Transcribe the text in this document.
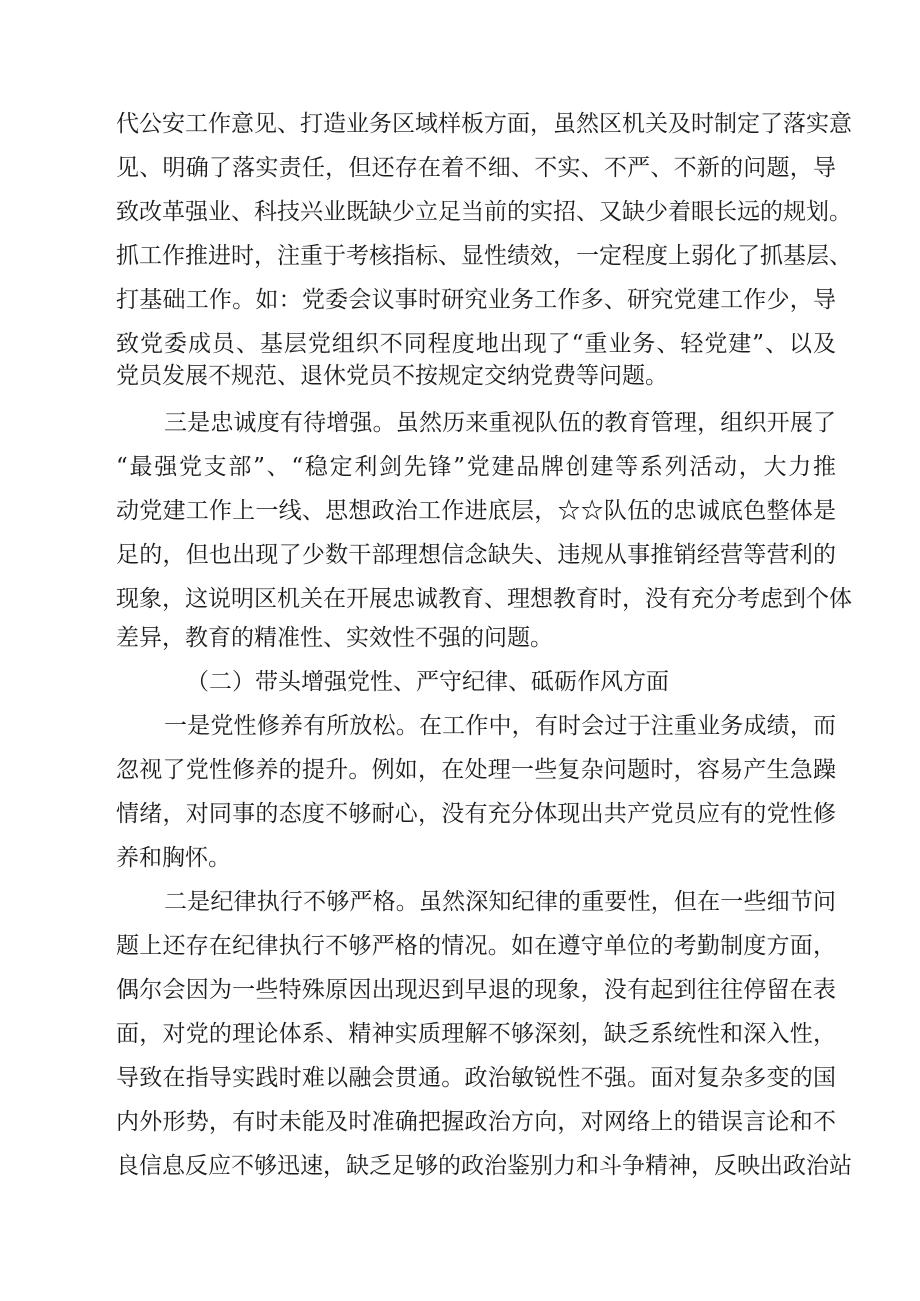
代公安工作意见、打造业务区域样板方面，虽然区机关及时制定了落实意
见、明确了落实责任，但还存在着不细、不实、不严、不新的问题，导
致改革强业、科技兴业既缺少立足当前的实招、又缺少着眼长远的规划。
抓工作推进时，注重于考核指标、显性绩效，一定程度上弱化了抓基层、
打基础工作。如：党委会议事时研究业务工作多、研究党建工作少，导
致党委成员、基层党组织不同程度地出现了“重业务、轻党建”、以及
党员发展不规范、退休党员不按规定交纳党费等问题。
三是忠诚度有待增强。虽然历来重视队伍的教育管理，组织开展了
“最强党支部”、“稳定利剑先锋”党建品牌创建等系列活动，大力推
动党建工作上一线、思想政治工作进底层，☆☆队伍的忠诚底色整体是
足的，但也出现了少数干部理想信念缺失、违规从事推销经营等营利的
现象，这说明区机关在开展忠诚教育、理想教育时，没有充分考虑到个体
差异，教育的精准性、实效性不强的问题。
（二）带头增强党性、严守纪律、砥砺作风方面
一是党性修养有所放松。在工作中，有时会过于注重业务成绩，而
忽视了党性修养的提升。例如，在处理一些复杂问题时，容易产生急躁
情绪，对同事的态度不够耐心，没有充分体现出共产党员应有的党性修
养和胸怀。
二是纪律执行不够严格。虽然深知纪律的重要性，但在一些细节问
题上还存在纪律执行不够严格的情况。如在遵守单位的考勤制度方面，
偶尔会因为一些特殊原因出现迟到早退的现象，没有起到往往停留在表
面，对党的理论体系、精神实质理解不够深刻，缺乏系统性和深入性，
导致在指导实践时难以融会贯通。政治敏锐性不强。面对复杂多变的国
内外形势，有时未能及时准确把握政治方向，对网络上的错误言论和不
良信息反应不够迅速，缺乏足够的政治鉴别力和斗争精神，反映出政治站
